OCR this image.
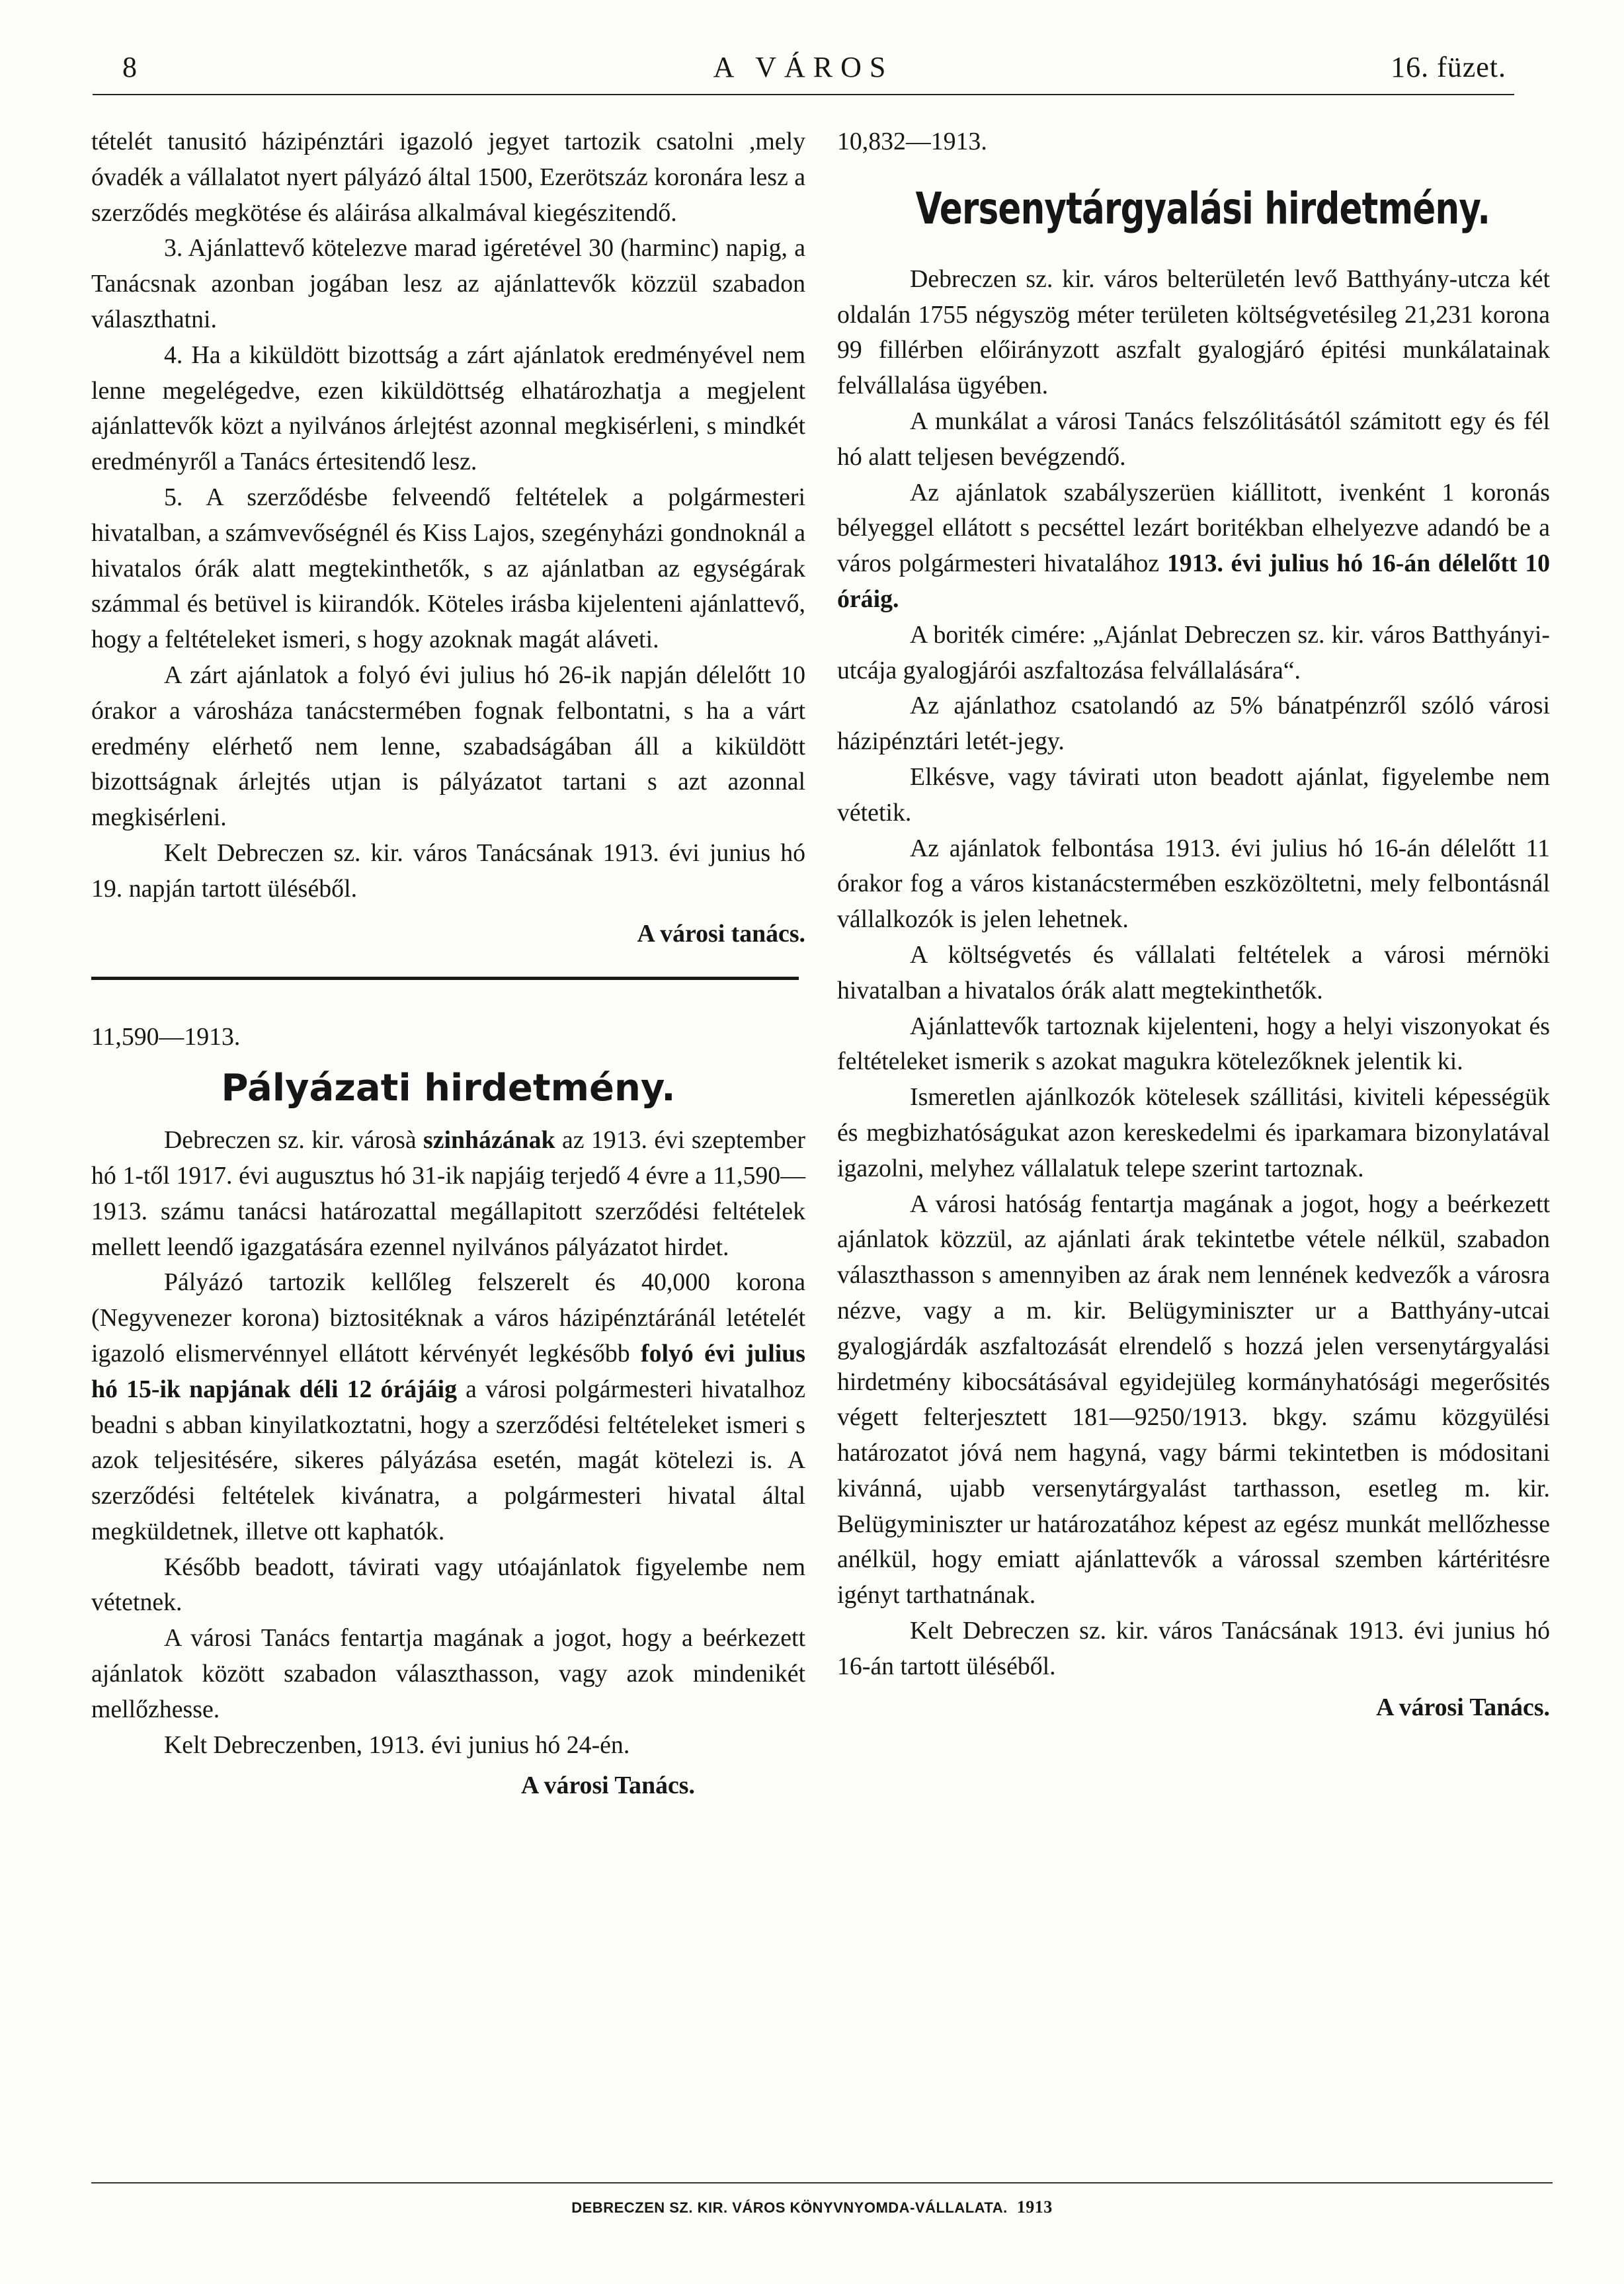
8	A VÁROS	16. füzet.

tételét tanusitó házipénztári igazoló jegyet tartozik csatolni ,mely óvadék a vállalatot nyert pályázó által 1500, Ezerötszáz koronára lesz a szerződés megkötése és aláirása alkalmával kiegészitendő.

3. Ajánlattevő kötelezve marad igéretével 30 (harminc) napig, a Tanácsnak azonban jogában lesz az ajánlattevők közzül szabadon választhatni.

4. Ha a kiküldött bizottság a zárt ajánlatok eredményével nem lenne megelégedve, ezen kiküldöttség elhatározhatja a megjelent ajánlattevők közt a nyilvános árlejtést azonnal megkisérleni, s mindkét eredményről a Tanács értesitendő lesz.

5. A szerződésbe felveendő feltételek a polgármesteri hivatalban, a számvevőségnél és Kiss Lajos, szegényházi gondnoknál a hivatalos órák alatt megtekinthetők, s az ajánlatban az egységárak számmal és betüvel is kiirandók. Köteles irásba kijelenteni ajánlattevő, hogy a feltételeket ismeri, s hogy azoknak magát aláveti.

A zárt ajánlatok a folyó évi julius hó 26-ik napján délelőtt 10 órakor a városháza tanácstermében fognak felbontatni, s ha a várt eredmény elérhető nem lenne, szabadságában áll a kiküldött bizottságnak árlejtés utjan is pályázatot tartani s azt azonnal megkisérleni.

Kelt Debreczen sz. kir. város Tanácsának 1913. évi junius hó 19. napján tartott üléséből.

A városi tanács.

11,590—1913.

Pályázati hirdetmény.

Debreczen sz. kir. városà szinházának az 1913. évi szeptember hó 1-től 1917. évi augusztus hó 31-ik napjáig terjedő 4 évre a 11,590—1913. számu tanácsi határozattal megállapitott szerződési feltételek mellett leendő igazgatására ezennel nyilvános pályázatot hirdet.

Pályázó tartozik kellőleg felszerelt és 40,000 korona (Negyvenezer korona) biztositéknak a város házipénztáránál letételét igazoló elismervénnyel ellátott kérvényét legkésőbb folyó évi julius hó 15-ik napjának déli 12 órájáig a városi polgármesteri hivatalhoz beadni s abban kinyilatkoztatni, hogy a szerződési feltételeket ismeri s azok teljesitésére, sikeres pályázása esetén, magát kötelezi is. A szerződési feltételek kivánatra, a polgármesteri hivatal által megküldetnek, illetve ott kaphatók.

Később beadott, távirati vagy utóajánlatok figyelembe nem vétetnek.

A városi Tanács fentartja magának a jogot, hogy a beérkezett ajánlatok között szabadon választhasson, vagy azok mindenikét mellőzhesse.

Kelt Debreczenben, 1913. évi junius hó 24-én.

A városi Tanács.

10,832—1913.

Versenytárgyalási hirdetmény.

Debreczen sz. kir. város belterületén levő Batthyány-utcza két oldalán 1755 négyszög méter területen költségvetésileg 21,231 korona 99 fillérben előirányzott aszfalt gyalogjáró épitési munkálatainak felvállalása ügyében.

A munkálat a városi Tanács felszólitásától számitott egy és fél hó alatt teljesen bevégzendő.

Az ajánlatok szabályszerüen kiállitott, ivenként 1 koronás bélyeggel ellátott s pecséttel lezárt boritékban elhelyezve adandó be a város polgármesteri hivatalához 1913. évi julius hó 16-án délelőtt 10 óráig.

A boriték cimére: „Ajánlat Debreczen sz. kir. város Batthyányi-utcája gyalogjárói aszfaltozása felvállalására“.

Az ajánlathoz csatolandó az 5% bánatpénzről szóló városi házipénztári letét-jegy.

Elkésve, vagy távirati uton beadott ajánlat, figyelembe nem vétetik.

Az ajánlatok felbontása 1913. évi julius hó 16-án délelőtt 11 órakor fog a város kistanácstermében eszközöltetni, mely felbontásnál vállalkozók is jelen lehetnek.

A költségvetés és vállalati feltételek a városi mérnöki hivatalban a hivatalos órák alatt megtekinthetők.

Ajánlattevők tartoznak kijelenteni, hogy a helyi viszonyokat és feltételeket ismerik s azokat magukra kötelezőknek jelentik ki.

Ismeretlen ajánlkozók kötelesek szállitási, kiviteli képességük és megbizhatóságukat azon kereskedelmi és iparkamara bizonylatával igazolni, melyhez vállalatuk telepe szerint tartoznak.

A városi hatóság fentartja magának a jogot, hogy a beérkezett ajánlatok közzül, az ajánlati árak tekintetbe vétele nélkül, szabadon választhasson s amennyiben az árak nem lennének kedvezők a városra nézve, vagy a m. kir. Belügyminiszter ur a Batthyány-utcai gyalogjárdák aszfaltozását elrendelő s hozzá jelen versenytárgyalási hirdetmény kibocsátásával egyidejüleg kormányhatósági megerősités végett felterjesztett 181—9250/1913. bkgy. számu közgyülési határozatot jóvá nem hagyná, vagy bármi tekintetben is módositani kivánná, ujabb versenytárgyalást tarthasson, esetleg m. kir. Belügyminiszter ur határozatához képest az egész munkát mellőzhesse anélkül, hogy emiatt ajánlattevők a várossal szemben kártéritésre igényt tarthatnának.

Kelt Debreczen sz. kir. város Tanácsának 1913. évi junius hó 16-án tartott üléséből.

A városi Tanács.

DEBRECZEN SZ. KIR. VÁROS KÖNYVNYOMDA-VÁLLALATA. 1913
